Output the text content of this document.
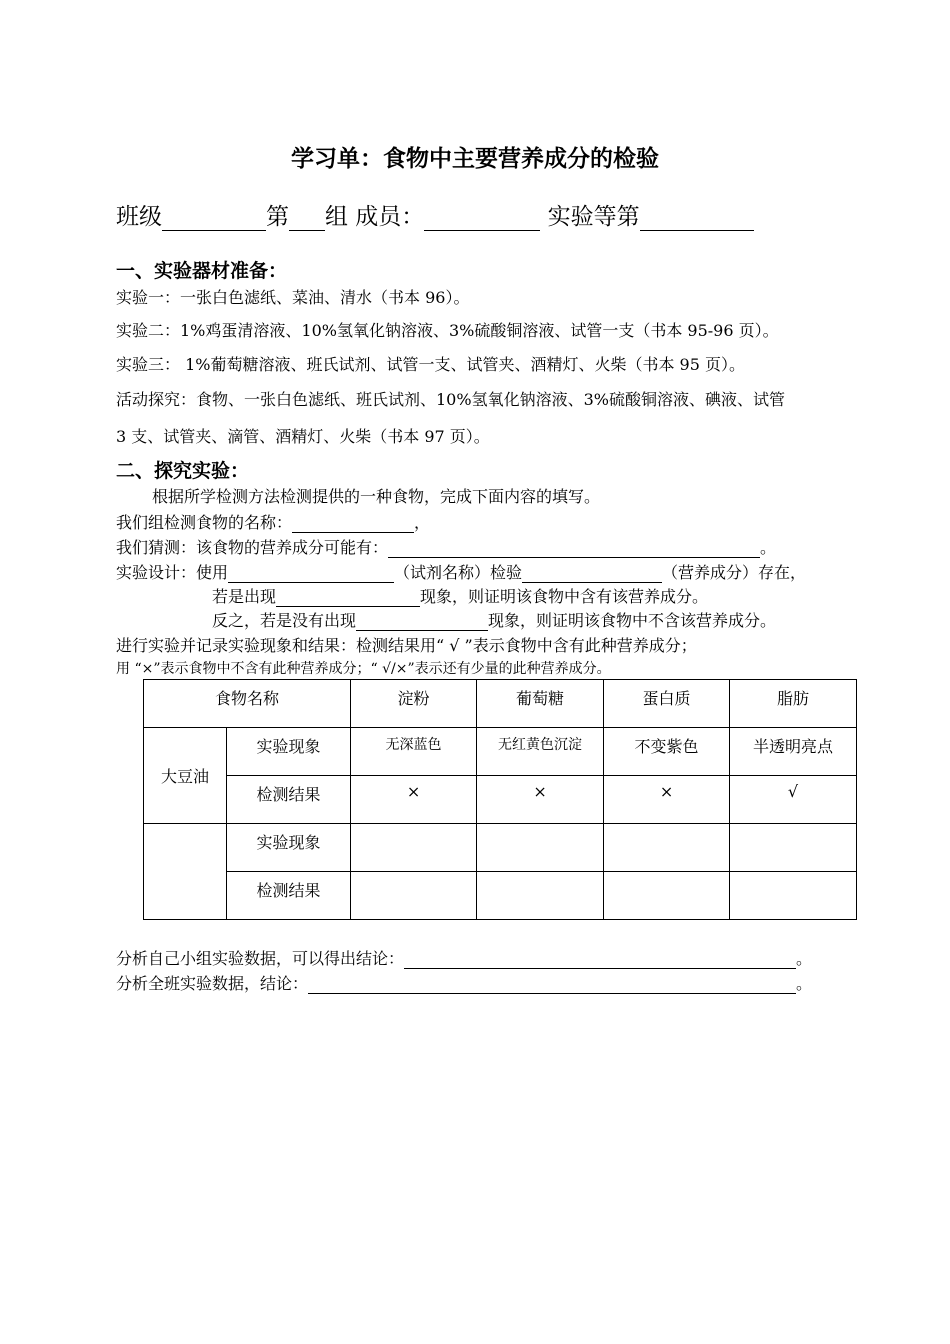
学习单：食物中主要营养成分的检验
班级	第 组 成员：	实验等第
一、实验器材准备：
实验一：一张白色滤纸、菜油、清水（书本 96）。
实验二：1%鸡蛋清溶液、10%氢氧化钠溶液、3%硫酸铜溶液、试管一支（书本 95-96 页）。
实验三： 1%葡萄糖溶液、班氏试剂、试管一支、试管夹、酒精灯、火柴（书本 95 页）。
活动探究：食物、一张白色滤纸、班氏试剂、10%氢氧化钠溶液、3%硫酸铜溶液、碘液、试管
3 支、试管夹、滴管、酒精灯、火柴（书本 97 页）。
二、探究实验：
根据所学检测方法检测提供的一种食物，完成下面内容的填写。
我们组检测食物的名称：	，
我们猜测：该食物的营养成分可能有：	。
实验设计：使用	（试剂名称）检验	（营养成分）存在，
若是出现	现象，则证明该食物中含有该营养成分。
反之，若是没有出现	现象，则证明该食物中不含该营养成分。
进行实验并记录实验现象和结果：检测结果用“ √ ”表示食物中含有此种营养成分；
用 “×”表示食物中不含有此种营养成分；“ √/×”表示还有少量的此种营养成分。
食物名称		淀粉	葡萄糖	蛋白质	脂肪
大豆油	实验现象	无深蓝色	无红黄色沉淀	不变紫色	半透明亮点
	检测结果	×	×	×	√
	实验现象				
	检测结果				
分析自己小组实验数据，可以得出结论：	。
分析全班实验数据，结论：	。
